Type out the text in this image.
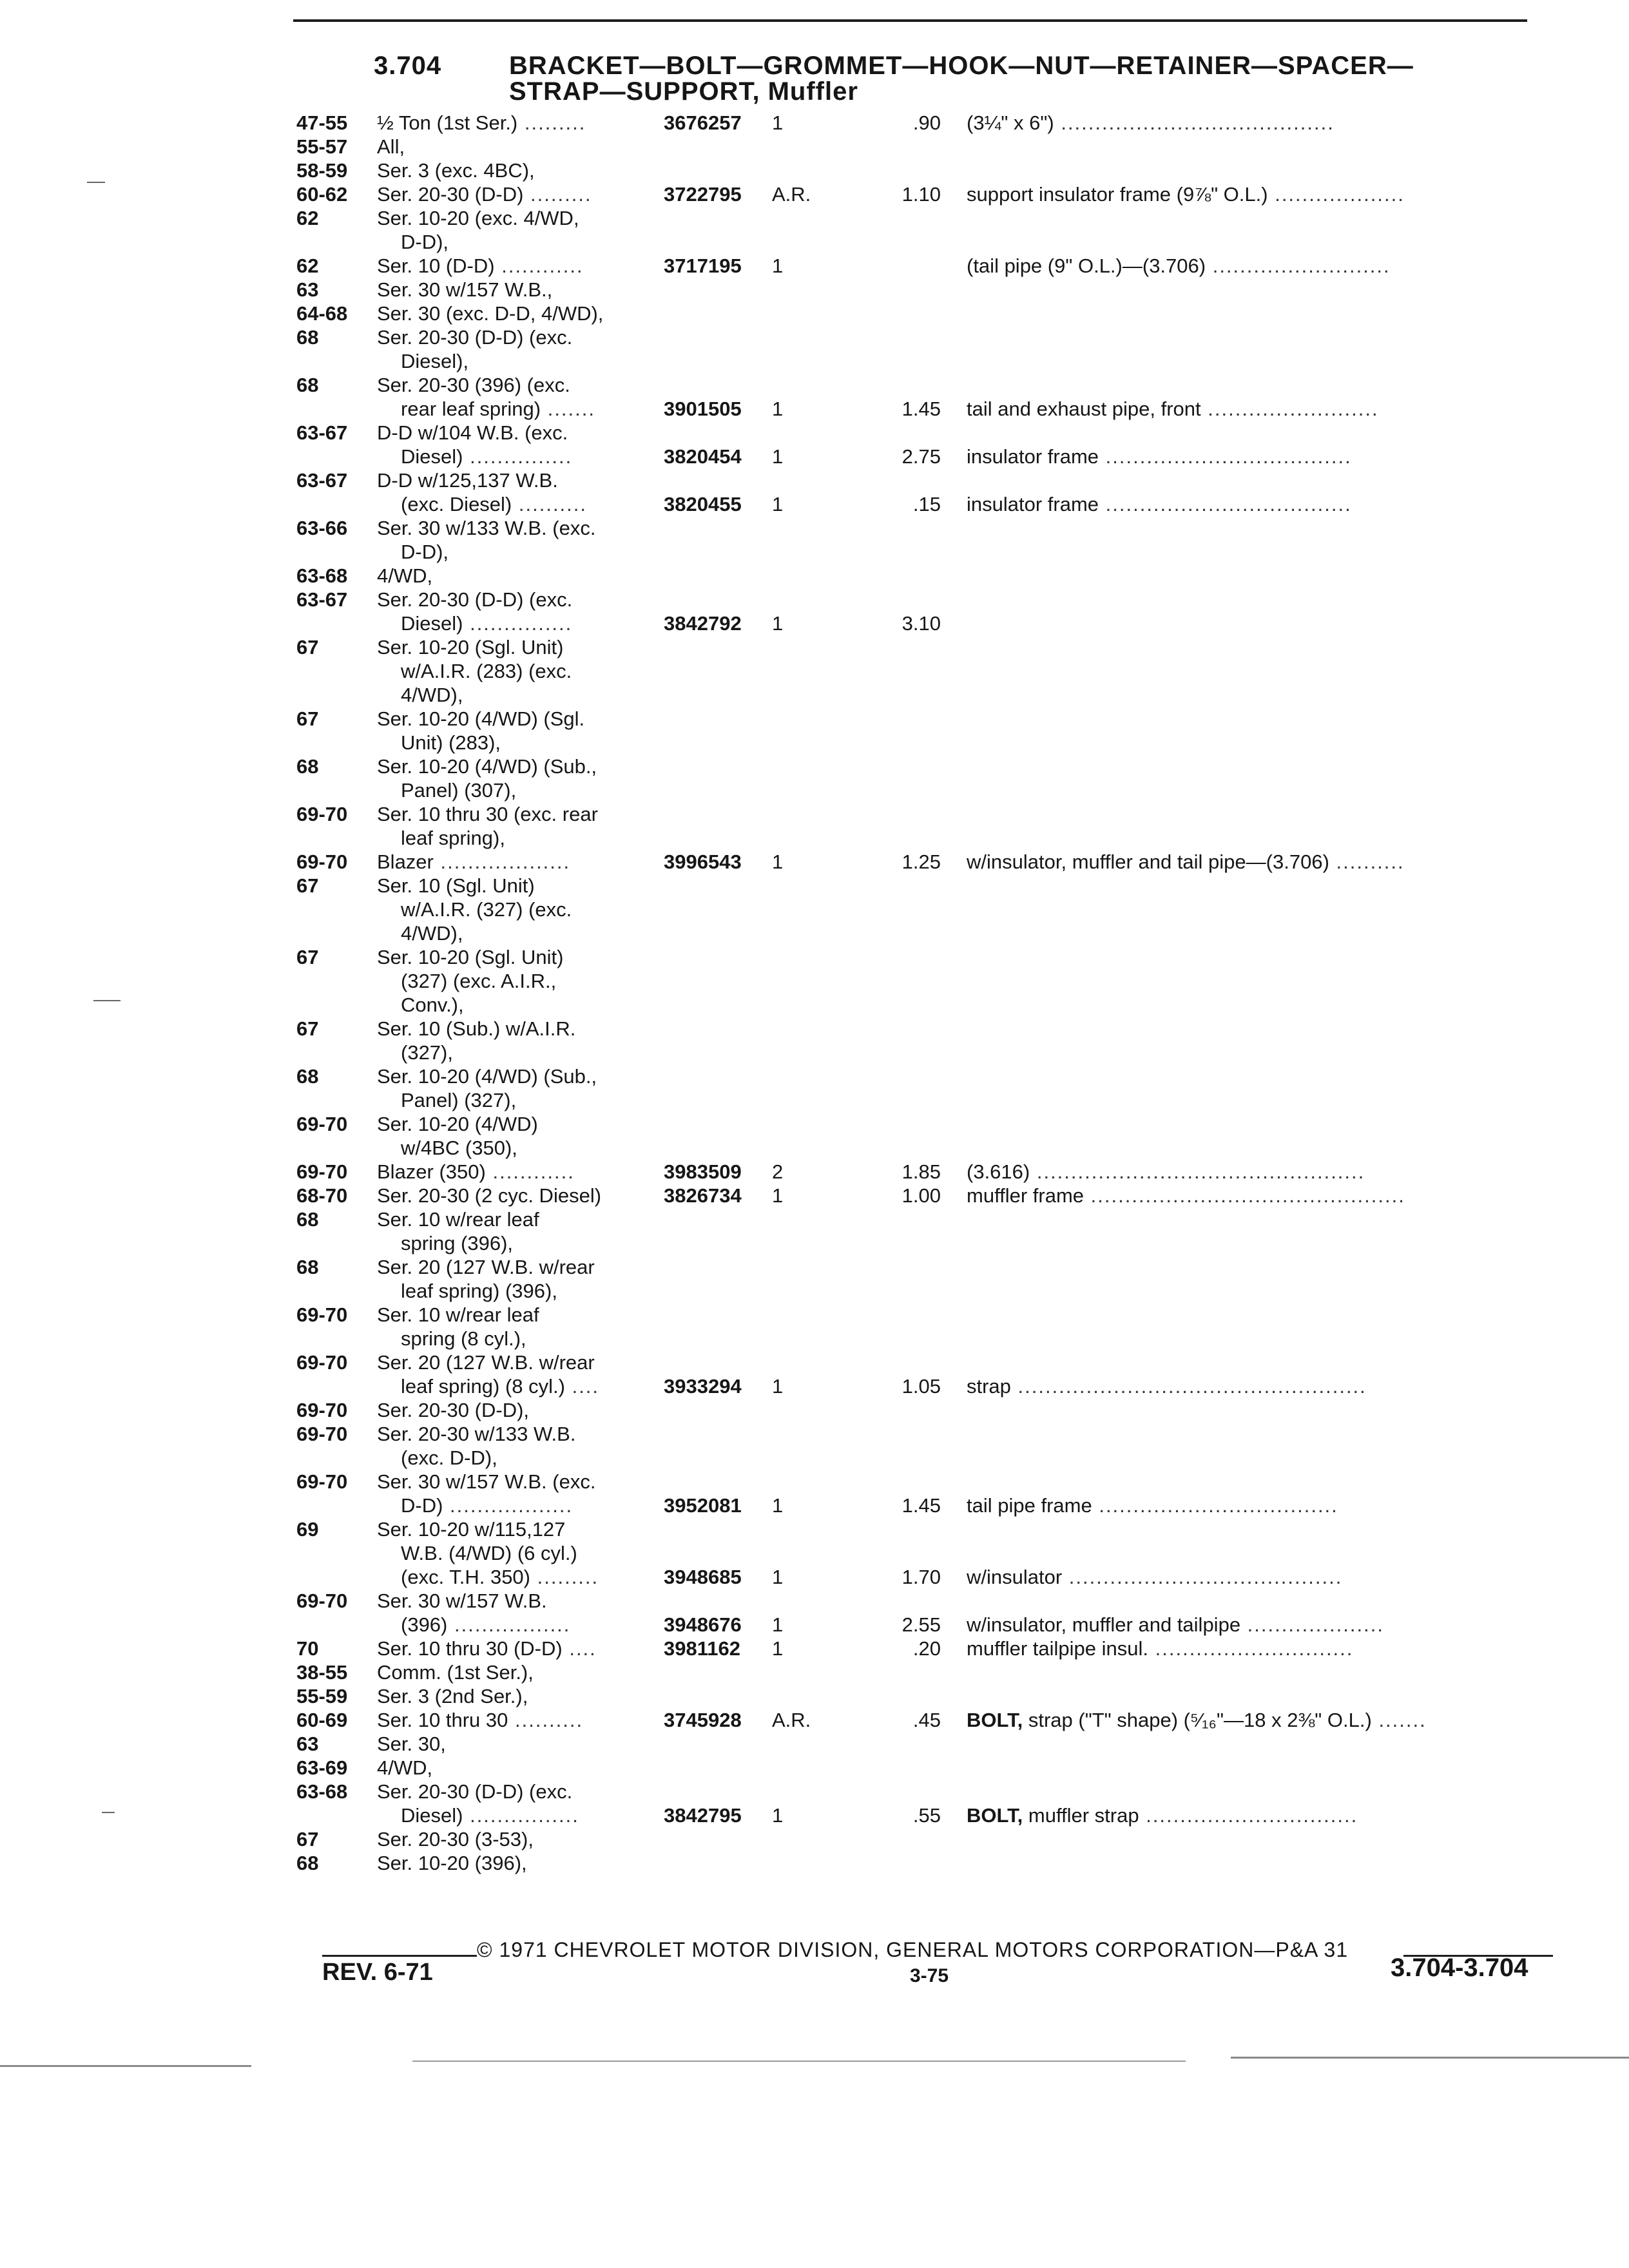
3.704	BRACKET—BOLT—GROMMET—HOOK—NUT—RETAINER—SPACER—
STRAP—SUPPORT, Muffler
47-55	½ Ton (1st Ser.) .........	3676257	1	.90 (3¼" x 6") ........................................
55-57	All,
58-59	Ser. 3 (exc. 4BC),
60-62	Ser. 20-30 (D-D) .........	3722795	A.R.	1.10 support insulator frame (9⅞" O.L.) ...................
62	Ser. 10-20 (exc. 4/WD,
D-D),
62	Ser. 10 (D-D) ............	3717195	1	(tail pipe (9" O.L.)—(3.706) ..........................
63	Ser. 30 w/157 W.B.,
64-68	Ser. 30 (exc. D-D, 4/WD),
68	Ser. 20-30 (D-D) (exc.
Diesel),
68	Ser. 20-30 (396) (exc.
rear leaf spring) .......	3901505	1	1.45 tail and exhaust pipe, front .........................
63-67	D-D w/104 W.B. (exc.
Diesel) ...............	3820454	1	2.75 insulator frame ....................................
63-67	D-D w/125,137 W.B.
(exc. Diesel) ..........	3820455	1	.15 insulator frame ....................................
63-66	Ser. 30 w/133 W.B. (exc.
D-D),
63-68	4/WD,
63-67	Ser. 20-30 (D-D) (exc.
Diesel) ...............	3842792	1	3.10
67	Ser. 10-20 (Sgl. Unit)
w/A.I.R. (283) (exc.
4/WD),
67	Ser. 10-20 (4/WD) (Sgl.
Unit) (283),
68	Ser. 10-20 (4/WD) (Sub.,
Panel) (307),
69-70	Ser. 10 thru 30 (exc. rear
leaf spring),
69-70	Blazer ...................	3996543	1	1.25 w/insulator, muffler and tail pipe—(3.706) ..........
67	Ser. 10 (Sgl. Unit)
w/A.I.R. (327) (exc.
4/WD),
67	Ser. 10-20 (Sgl. Unit)
(327) (exc. A.I.R.,
Conv.),
67	Ser. 10 (Sub.) w/A.I.R.
(327),
68	Ser. 10-20 (4/WD) (Sub.,
Panel) (327),
69-70	Ser. 10-20 (4/WD)
w/4BC (350),
69-70	Blazer (350) ............	3983509	2	1.85 (3.616) ................................................
68-70	Ser. 20-30 (2 cyc. Diesel)	3826734	1	1.00 muffler frame ..............................................
68	Ser. 10 w/rear leaf
spring (396),
68	Ser. 20 (127 W.B. w/rear
leaf spring) (396),
69-70	Ser. 10 w/rear leaf
spring (8 cyl.),
69-70	Ser. 20 (127 W.B. w/rear
leaf spring) (8 cyl.) ....	3933294	1	1.05 strap ...................................................
69-70	Ser. 20-30 (D-D),
69-70	Ser. 20-30 w/133 W.B.
(exc. D-D),
69-70	Ser. 30 w/157 W.B. (exc.
D-D) ..................	3952081	1	1.45 tail pipe frame ...................................
69	Ser. 10-20 w/115,127
W.B. (4/WD) (6 cyl.)
(exc. T.H. 350) .........	3948685	1	1.70 w/insulator ........................................
69-70	Ser. 30 w/157 W.B.
(396) .................	3948676	1	2.55 w/insulator, muffler and tailpipe ....................
70	Ser. 10 thru 30 (D-D) ....	3981162	1	.20 muffler tailpipe insul. .............................
38-55	Comm. (1st Ser.),
55-59	Ser. 3 (2nd Ser.),
60-69	Ser. 10 thru 30 ..........	3745928	A.R.	.45 BOLT, strap ("T" shape) (⁵⁄₁₆"—18 x 2⅜" O.L.) .......
63	Ser. 30,
63-69	4/WD,
63-68	Ser. 20-30 (D-D) (exc.
Diesel) ................	3842795	1	.55 BOLT, muffler strap ...............................
67	Ser. 20-30 (3-53),
68	Ser. 10-20 (396),
© 1971 CHEVROLET MOTOR DIVISION, GENERAL MOTORS CORPORATION—P&A 31
REV. 6-71	3-75	3.704-3.704
